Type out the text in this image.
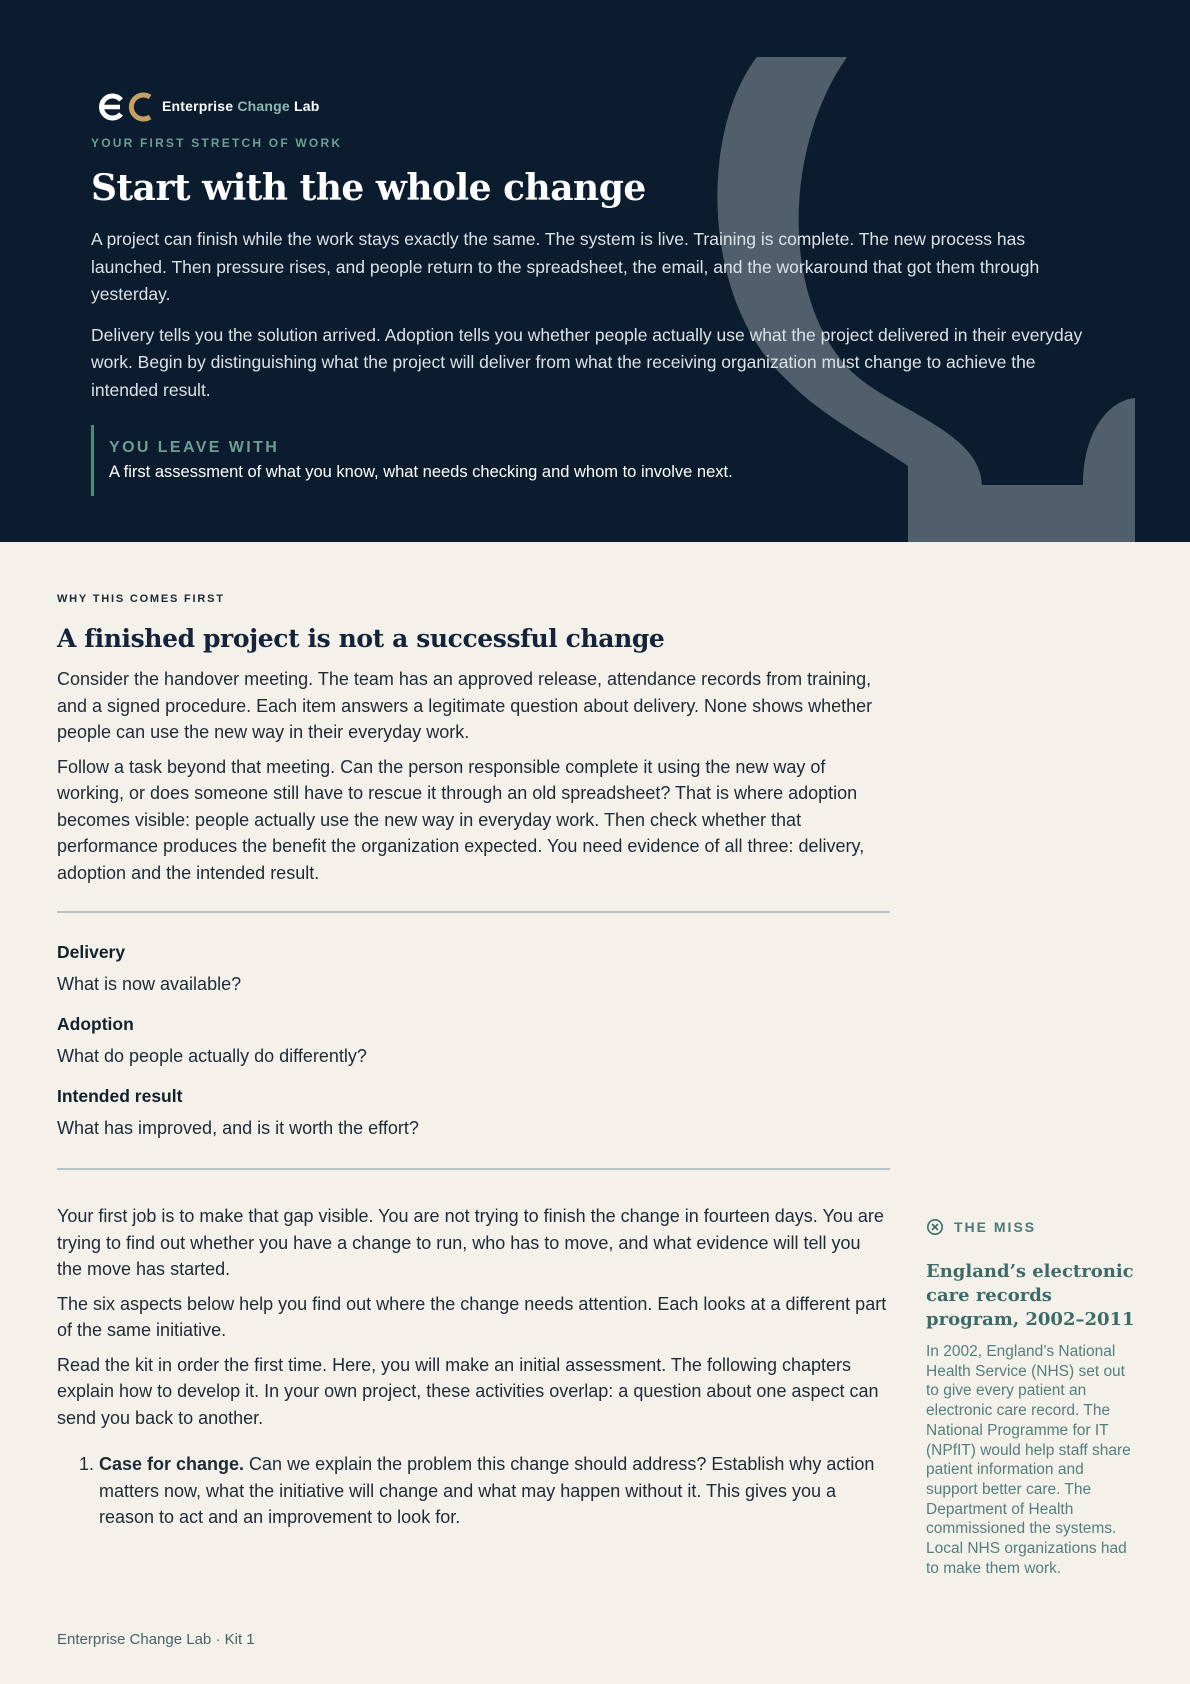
Enterprise Change Lab
YOUR FIRST STRETCH OF WORK
Start with the whole change

A project can finish while the work stays exactly the same. The system is live. Training is complete. The new process has launched. Then pressure rises, and people return to the spreadsheet, the email, and the workaround that got them through yesterday.

Delivery tells you the solution arrived. Adoption tells you whether people actually use what the project delivered in their everyday work. Begin by distinguishing what the project will deliver from what the receiving organization must change to achieve the intended result.

YOU LEAVE WITH
A first assessment of what you know, what needs checking and whom to involve next.
WHY THIS COMES FIRST
A finished project is not a successful change

Consider the handover meeting. The team has an approved release, attendance records from training, and a signed procedure. Each item answers a legitimate question about delivery. None shows whether people can use the new way in their everyday work.

Follow a task beyond that meeting. Can the person responsible complete it using the new way of working, or does someone still have to rescue it through an old spreadsheet? That is where adoption becomes visible: people actually use the new way in everyday work. Then check whether that performance produces the benefit the organization expected. You need evidence of all three: delivery, adoption and the intended result.

Delivery
What is now available?
Adoption
What do people actually do differently?
Intended result
What has improved, and is it worth the effort?

Your first job is to make that gap visible. You are not trying to finish the change in fourteen days. You are trying to find out whether you have a change to run, who has to move, and what evidence will tell you the move has started.

The six aspects below help you find out where the change needs attention. Each looks at a different part of the same initiative.

Read the kit in order the first time. Here, you will make an initial assessment. The following chapters explain how to develop it. In your own project, these activities overlap: a question about one aspect can send you back to another.

1. Case for change. Can we explain the problem this change should address? Establish why action matters now, what the initiative will change and what may happen without it. This gives you a reason to act and an improvement to look for.
THE MISS
England’s electronic care records program, 2002–2011
In 2002, England’s National Health Service (NHS) set out to give every patient an electronic care record. The National Programme for IT (NPfIT) would help staff share patient information and support better care. The Department of Health commissioned the systems. Local NHS organizations had to make them work.
Enterprise Change Lab · Kit 1
